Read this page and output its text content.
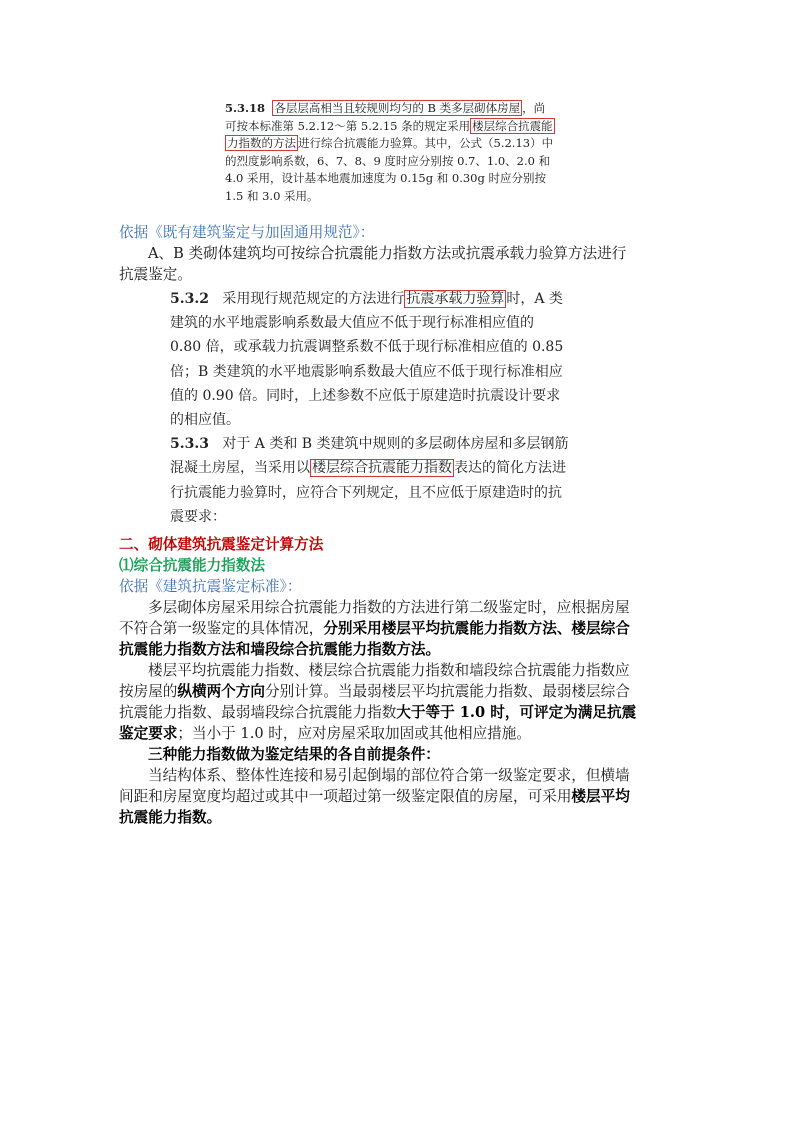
5.3.18 各层层高相当且较规则均匀的 B 类多层砌体房屋 ，尚

可按本标准第 5.2.12～第 5.2.15 条的规定采用 楼层综合抗震能

力指数的方法 进行综合抗震能力验算。其中，公式（5.2.13）中

的烈度影响系数，6、7、8、9 度时应分别按 0.7、1.0、2.0 和

4.0 采用，设计基本地震加速度为 0.15g 和 0.30g 时应分别按

1.5 和 3.0 采用。

依据《既有建筑鉴定与加固通用规范》：
A、B 类砌体建筑均可按综合抗震能力指数方法或抗震承载力验算方法进行
抗震鉴定。

5.3.2 采用现行规范规定的方法进行 抗震承载力验算 时，A 类

建筑的水平地震影响系数最大值应不低于现行标准相应值的

0.80 倍，或承载力抗震调整系数不低于现行标准相应值的 0.85

倍；B 类建筑的水平地震影响系数最大值应不低于现行标准相应

值的 0.90 倍。同时，上述参数不应低于原建造时抗震设计要求

的相应值。

5.3.3 对于 A 类和 B 类建筑中规则的多层砌体房屋和多层钢筋

混凝土房屋，当采用以 楼层综合抗震能力指数 表达的简化方法进

行抗震能力验算时，应符合下列规定，且不应低于原建造时的抗

震要求：

二、砌体建筑抗震鉴定计算方法
⑴综合抗震能力指数法
依据《建筑抗震鉴定标准》：

多层砌体房屋采用综合抗震能力指数的方法进行第二级鉴定时，应根据房屋

不符合第一级鉴定的具体情况，分别采用楼层平均抗震能力指数方法、楼层综合

抗震能力指数方法和墙段综合抗震能力指数方法。

楼层平均抗震能力指数、楼层综合抗震能力指数和墙段综合抗震能力指数应

按房屋的纵横两个方向分别计算。当最弱楼层平均抗震能力指数、最弱楼层综合

抗震能力指数、最弱墙段综合抗震能力指数大于等于 1.0 时，可评定为满足抗震

鉴定要求；当小于 1.0 时，应对房屋采取加固或其他相应措施。

三种能力指数做为鉴定结果的各自前提条件：

当结构体系、整体性连接和易引起倒塌的部位符合第一级鉴定要求，但横墙

间距和房屋宽度均超过或其中一项超过第一级鉴定限值的房屋，可采用楼层平均

抗震能力指数。
